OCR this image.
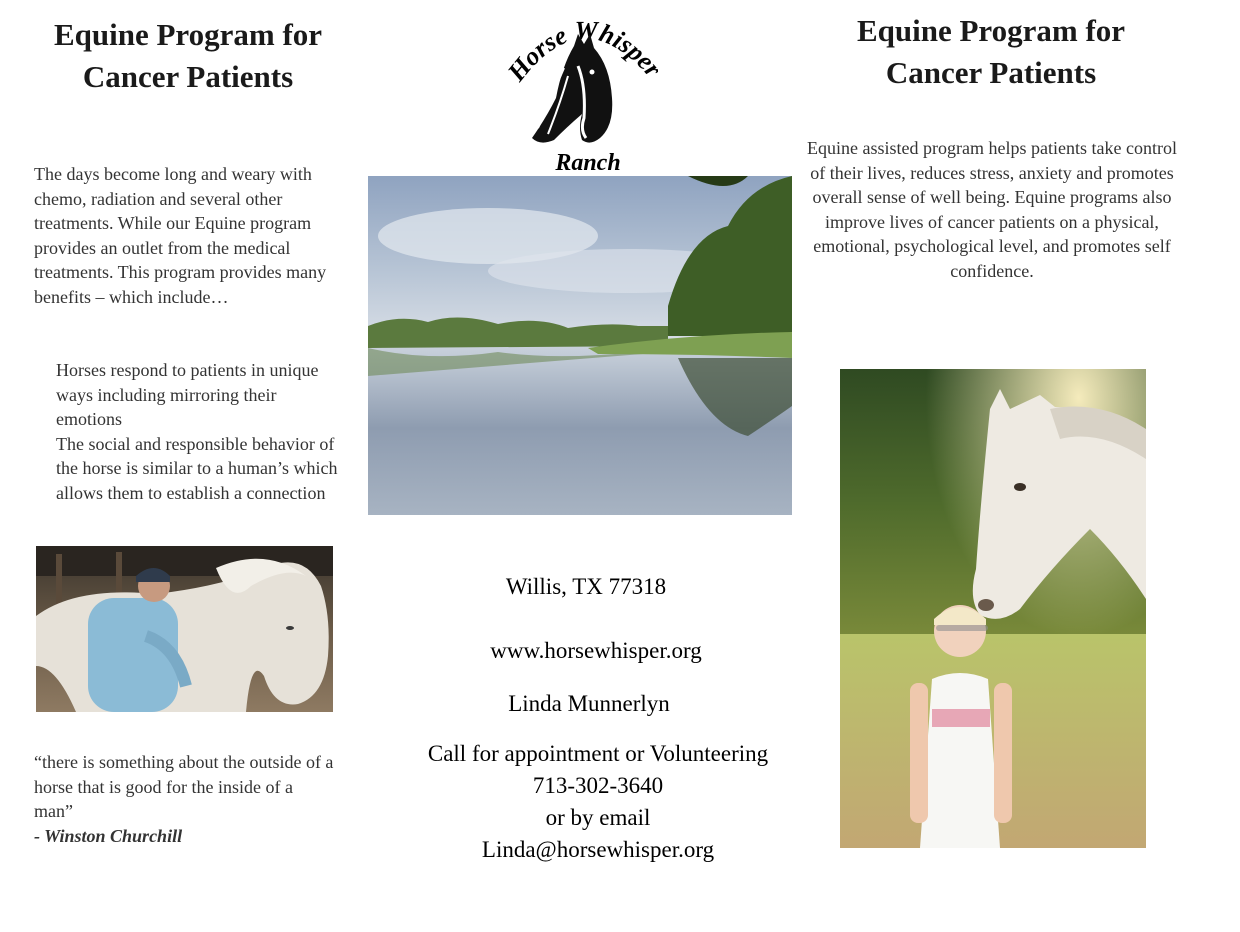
Equine Program for Cancer Patients
The days become long and weary with chemo, radiation and several other treatments. While our Equine program provides an outlet from the medical treatments. This program provides many benefits – which include…
Horses respond to patients in unique ways including mirroring their emotions
The social and responsible behavior of the horse is similar to a human’s which allows them to establish a connection
“there is something about the outside of a horse that is good for the inside of a man”
- Winston Churchill
orse Whispe
Ranch
Willis, TX 77318
www.horsewhisper.org
Linda Munnerlyn
Call for appointment or Volunteering
713-302-3640
or by email
Linda@horsewhisper.org
Equine Program for Cancer Patients
Equine assisted program helps patients take control of their lives, reduces stress, anxiety and promotes overall sense of well being. Equine programs also improve lives of cancer patients on a physical, emotional, psychological level, and promotes self confidence.
